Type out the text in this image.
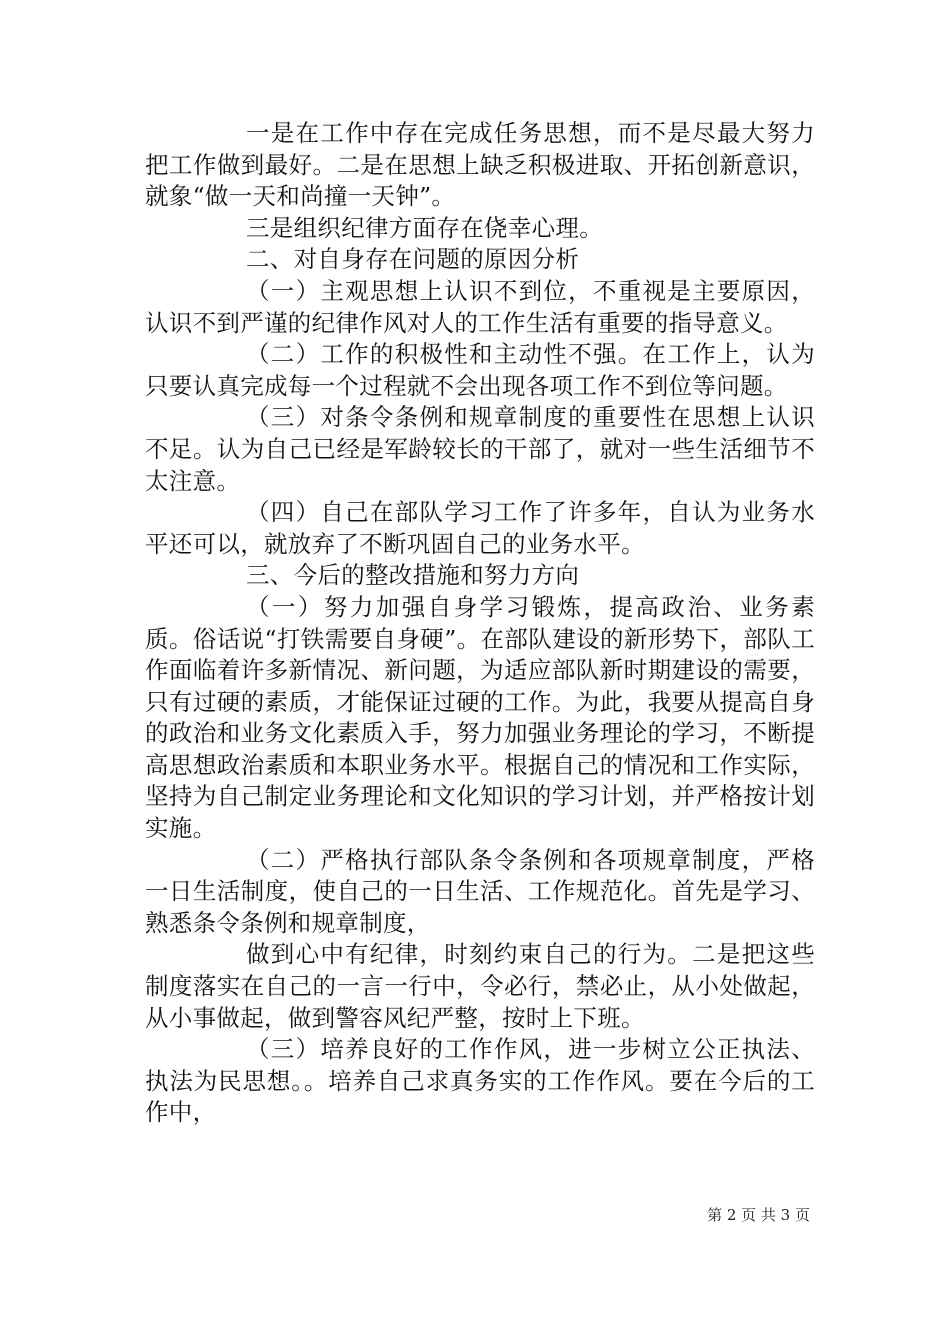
一是在工作中存在完成任务思想，而不是尽最大努力把工作做到最好。二是在思想上缺乏积极进取、开拓创新意识，就象“做一天和尚撞一天钟”。

三是组织纪律方面存在侥幸心理。

二、对自身存在问题的原因分析

（一）主观思想上认识不到位，不重视是主要原因，认识不到严谨的纪律作风对人的工作生活有重要的指导意义。

（二）工作的积极性和主动性不强。在工作上，认为只要认真完成每一个过程就不会出现各项工作不到位等问题。

（三）对条令条例和规章制度的重要性在思想上认识不足。认为自己已经是军龄较长的干部了，就对一些生活细节不太注意。

（四）自己在部队学习工作了许多年，自认为业务水平还可以，就放弃了不断巩固自己的业务水平。

三、今后的整改措施和努力方向

（一）努力加强自身学习锻炼，提高政治、业务素质。俗话说“打铁需要自身硬”。在部队建设的新形势下，部队工作面临着许多新情况、新问题，为适应部队新时期建设的需要，只有过硬的素质，才能保证过硬的工作。为此，我要从提高自身的政治和业务文化素质入手，努力加强业务理论的学习，不断提高思想政治素质和本职业务水平。根据自己的情况和工作实际，坚持为自己制定业务理论和文化知识的学习计划，并严格按计划实施。

（二）严格执行部队条令条例和各项规章制度，严格一日生活制度，使自己的一日生活、工作规范化。首先是学习、熟悉条令条例和规章制度，

做到心中有纪律，时刻约束自己的行为。二是把这些制度落实在自己的一言一行中，令必行，禁必止，从小处做起，从小事做起，做到警容风纪严整，按时上下班。

（三）培养良好的工作作风，进一步树立公正执法、执法为民思想。。培养自己求真务实的工作作风。要在今后的工作中，

第 2 页 共 3 页
